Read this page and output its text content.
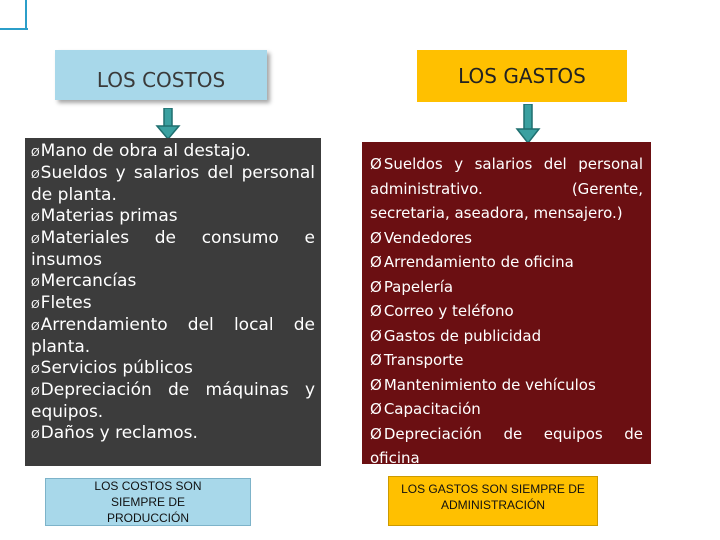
LOS COSTOS

ØMano de obra al destajo.

ØSueldos y salarios del personal de planta.

ØMaterias primas

ØMateriales de consumo e insumos

ØMercancías

ØFletes

ØArrendamiento del local de planta.

ØServicios públicos

ØDepreciación de máquinas y equipos.

ØDaños y reclamos.

LOS COSTOS SON SIEMPRE DE PRODUCCIÓN
LOS GASTOS

Ø Sueldos y salarios del personal administrativo. (Gerente, secretaria, aseadora, mensajero.)

Ø Vendedores

Ø Arrendamiento de oficina

Ø Papelería

Ø Correo y teléfono

Ø Gastos de publicidad

Ø Transporte

Ø Mantenimiento de vehículos

Ø Capacitación

Ø Depreciación de equipos de oficina

LOS GASTOS SON SIEMPRE DE ADMINISTRACIÓN
